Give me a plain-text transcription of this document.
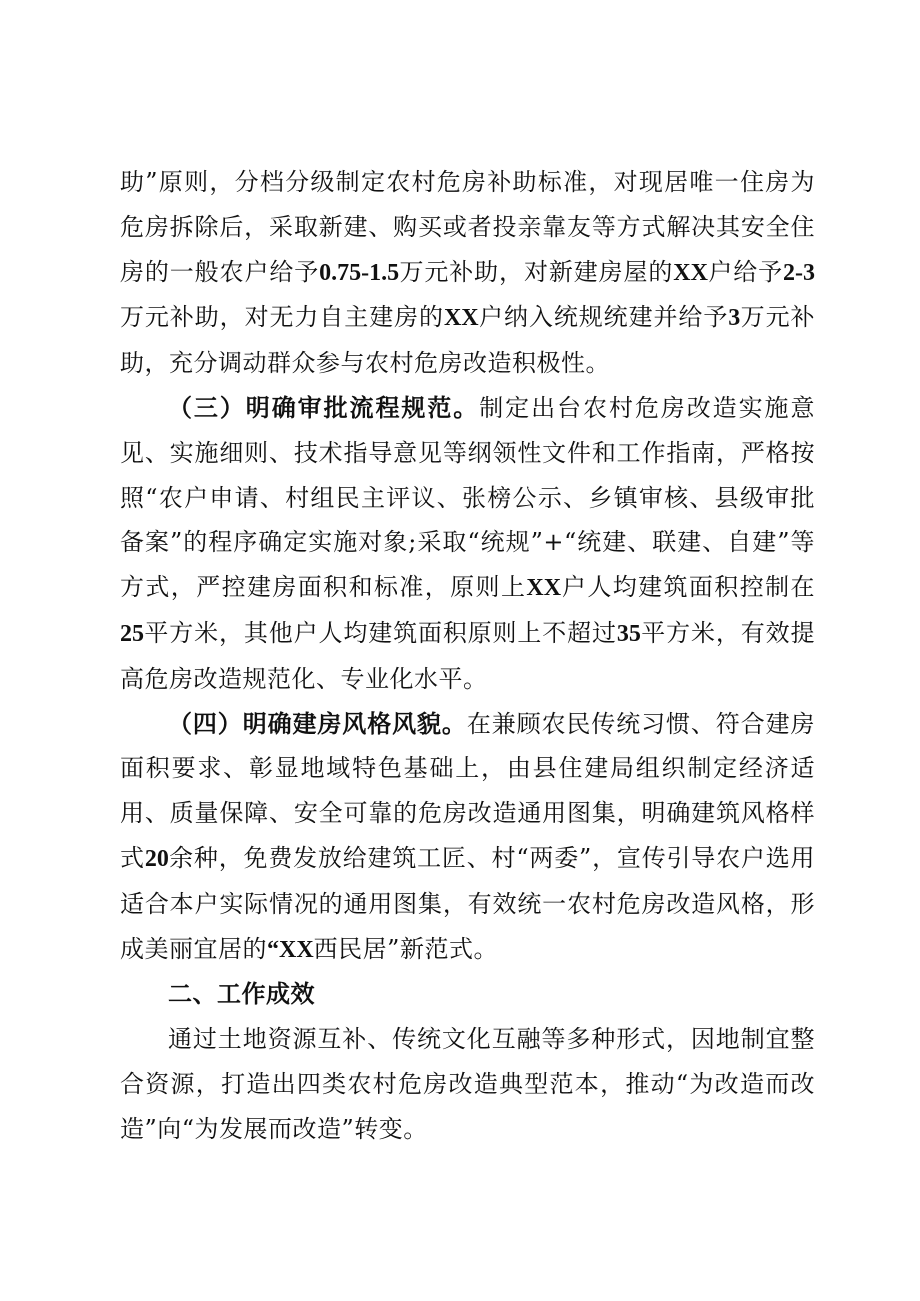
助”原则，分档分级制定农村危房补助标准，对现居唯一住房为危房拆除后，采取新建、购买或者投亲靠友等方式解决其安全住房的一般农户给予0.75-1.5万元补助，对新建房屋的XX户给予2-3万元补助，对无力自主建房的XX户纳入统规统建并给予3万元补助，充分调动群众参与农村危房改造积极性。

（三）明确审批流程规范。制定出台农村危房改造实施意见、实施细则、技术指导意见等纲领性文件和工作指南，严格按照“农户申请、村组民主评议、张榜公示、乡镇审核、县级审批备案”的程序确定实施对象;采取“统规”+“统建、联建、自建”等方式，严控建房面积和标准，原则上XX户人均建筑面积控制在25平方米，其他户人均建筑面积原则上不超过35平方米，有效提高危房改造规范化、专业化水平。

（四）明确建房风格风貌。在兼顾农民传统习惯、符合建房面积要求、彰显地域特色基础上，由县住建局组织制定经济适用、质量保障、安全可靠的危房改造通用图集，明确建筑风格样式20余种，免费发放给建筑工匠、村“两委”，宣传引导农户选用适合本户实际情况的通用图集，有效统一农村危房改造风格，形成美丽宜居的“XX西民居”新范式。

二、工作成效

通过土地资源互补、传统文化互融等多种形式，因地制宜整合资源，打造出四类农村危房改造典型范本，推动“为改造而改造”向“为发展而改造”转变。
